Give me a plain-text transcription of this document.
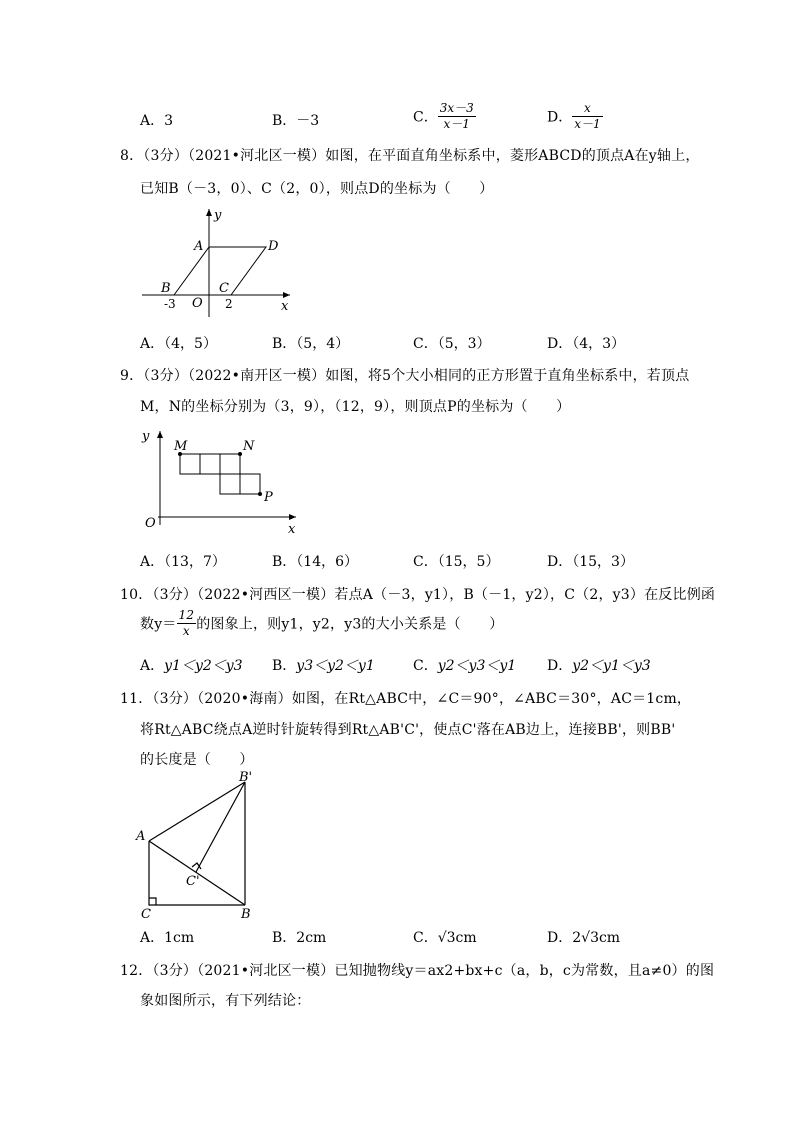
A．3	B．－3	C． $\frac{3x-3}{x-1}$	D． $\frac{x}{x-1}$
8．（3分）（2021•河北区一模）如图，在平面直角坐标系中，菱形ABCD的顶点A在y轴上，
已知B（－3，0）、C（2，0），则点D的坐标为（　　）
y
x
A	D
B	C
O
-3	2
A．（4，5）	B．（5，4）	C．（5，3）	D．（4，3）
9．（3分）（2022•南开区一模）如图，将5个大小相同的正方形置于直角坐标系中，若顶点
M，N的坐标分别为（3，9），（12，9），则顶点P的坐标为（　　）
y
x
O
M	N
P
A．（13，7）	B．（14，6）	C．（15，5）	D．（15，3）
10．（3分）（2022•河西区一模）若点A（－3，y1），B（－1，y2），C（2，y3）在反比例函
数$y= \frac{12}{x}$ 的图象上，则y1，y2，y3的大小关系是（　　）
A．y1＜y2＜y3 B．y3＜y2＜y1	C．y2＜y3＜y1 D．y2＜y1＜y3
11．（3分）（2020•海南）如图，在Rt△ABC中，∠C＝90°，∠ABC＝30°，AC＝1cm，
将Rt△ABC绕点A逆时针旋转得到Rt△AB'C'，使点C'落在AB边上，连接BB'，则BB'
的长度是（　　）
A
B'
C	B
C'
A．1cm	B．2cm	C．√3cm	D．2√3cm
12．（3分）（2021•河北区一模）已知抛物线y＝ax2+bx+c（a，b，c为常数，且a≠0）的图
象如图所示，有下列结论：
